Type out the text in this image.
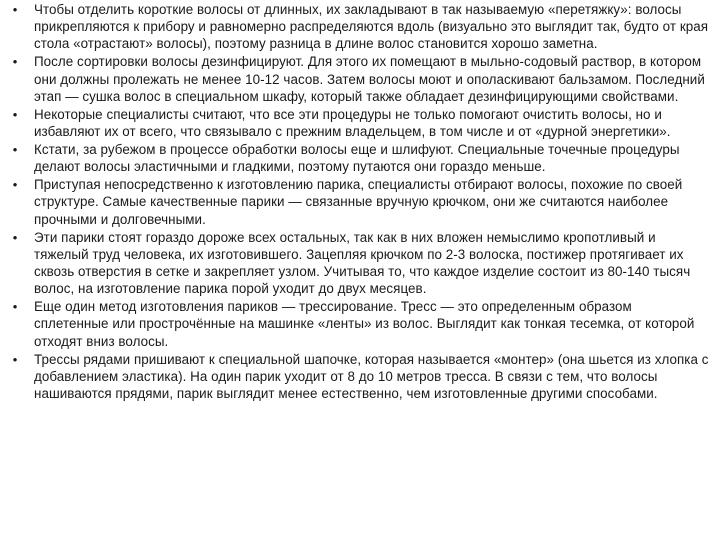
•	Чтобы отделить короткие волосы от длинных, их закладывают в так называемую «перетяжку»: волосы прикрепляются к прибору и равномерно распределяются вдоль (визуально это выглядит так, будто от края стола «отрастают» волосы), поэтому разница в длине волос становится хорошо заметна.
•	После сортировки волосы дезинфицируют. Для этого их помещают в мыльно-содовый раствор, в котором они должны пролежать не менее 10-12 часов. Затем волосы моют и ополаскивают бальзамом. Последний этап — сушка волос в специальном шкафу, который также обладает дезинфицирующими свойствами.
•	Некоторые специалисты считают, что все эти процедуры не только помогают очистить волосы, но и избавляют их от всего, что связывало с прежним владельцем, в том числе и от «дурной энергетики».
•	Кстати, за рубежом в процессе обработки волосы еще и шлифуют. Специальные точечные процедуры делают волосы эластичными и гладкими, поэтому путаются они гораздо меньше.
•	Приступая непосредственно к изготовлению парика, специалисты отбирают волосы, похожие по своей структуре. Самые качественные парики — связанные вручную крючком, они же считаются наиболее прочными и долговечными.
•	Эти парики стоят гораздо дороже всех остальных, так как в них вложен немыслимо кропотливый и тяжелый труд человека, их изготовившего. Зацепляя крючком по 2-3 волоска, постижер протягивает их сквозь отверстия в сетке и закрепляет узлом. Учитывая то, что каждое изделие состоит из 80-140 тысяч волос, на изготовление парика порой уходит до двух месяцев.
•	Еще один метод изготовления париков — трессирование. Тресс — это определенным образом сплетенные или прострочённые на машинке «ленты» из волос. Выглядит как тонкая тесемка, от которой отходят вниз волосы.
•	Трессы рядами пришивают к специальной шапочке, которая называется «монтер» (она шьется из хлопка с добавлением эластика). На один парик уходит от 8 до 10 метров тресса. В связи с тем, что волосы нашиваются прядями, парик выглядит менее естественно, чем изготовленные другими способами.
